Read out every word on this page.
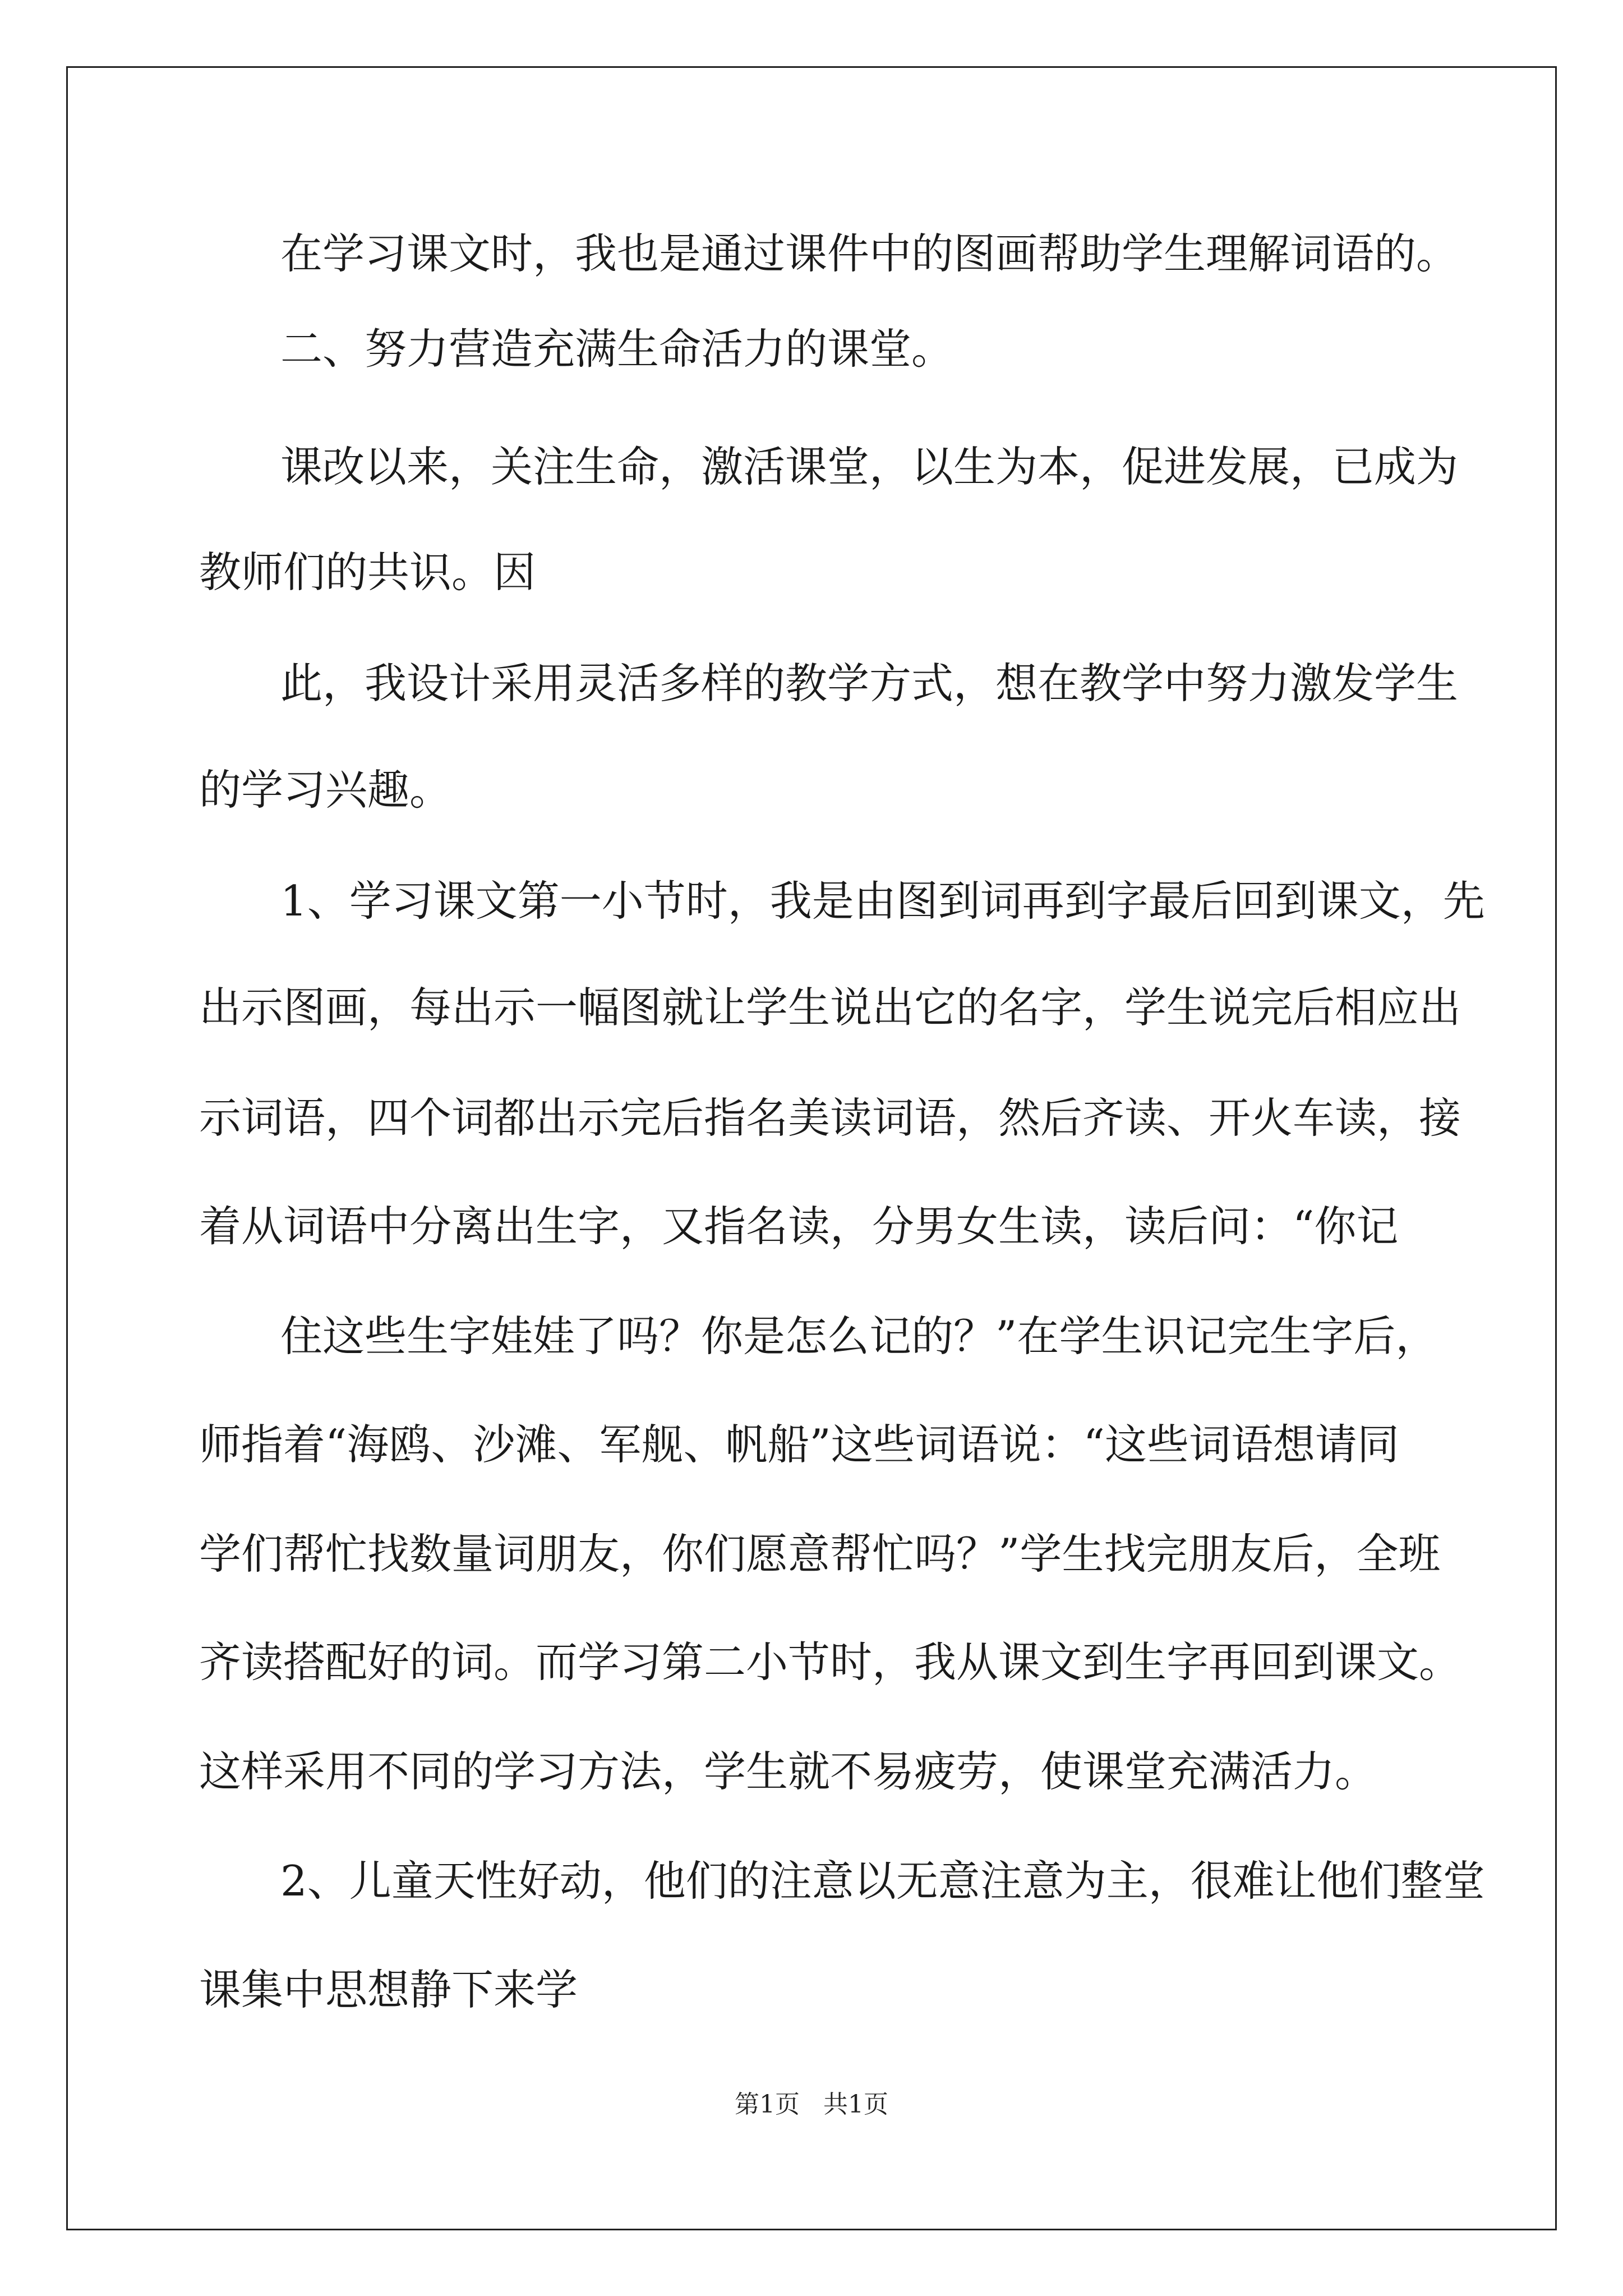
在学习课文时，我也是通过课件中的图画帮助学生理解词语的。
二、努力营造充满生命活力的课堂。
课改以来，关注生命，激活课堂，以生为本，促进发展，已成为
教师们的共识。因
此，我设计采用灵活多样的教学方式，想在教学中努力激发学生
的学习兴趣。
1、学习课文第一小节时，我是由图到词再到字最后回到课文，先
出示图画，每出示一幅图就让学生说出它的名字，学生说完后相应出
示词语，四个词都出示完后指名美读词语，然后齐读、开火车读，接
着从词语中分离出生字，又指名读，分男女生读，读后问：“你记
住这些生字娃娃了吗？你是怎么记的？”在学生识记完生字后，
师指着“海鸥、沙滩、军舰、帆船”这些词语说：“这些词语想请同
学们帮忙找数量词朋友，你们愿意帮忙吗？”学生找完朋友后，全班
齐读搭配好的词。而学习第二小节时，我从课文到生字再回到课文。
这样采用不同的学习方法，学生就不易疲劳，使课堂充满活力。
2、儿童天性好动，他们的注意以无意注意为主，很难让他们整堂
课集中思想静下来学
第1页   共1页
